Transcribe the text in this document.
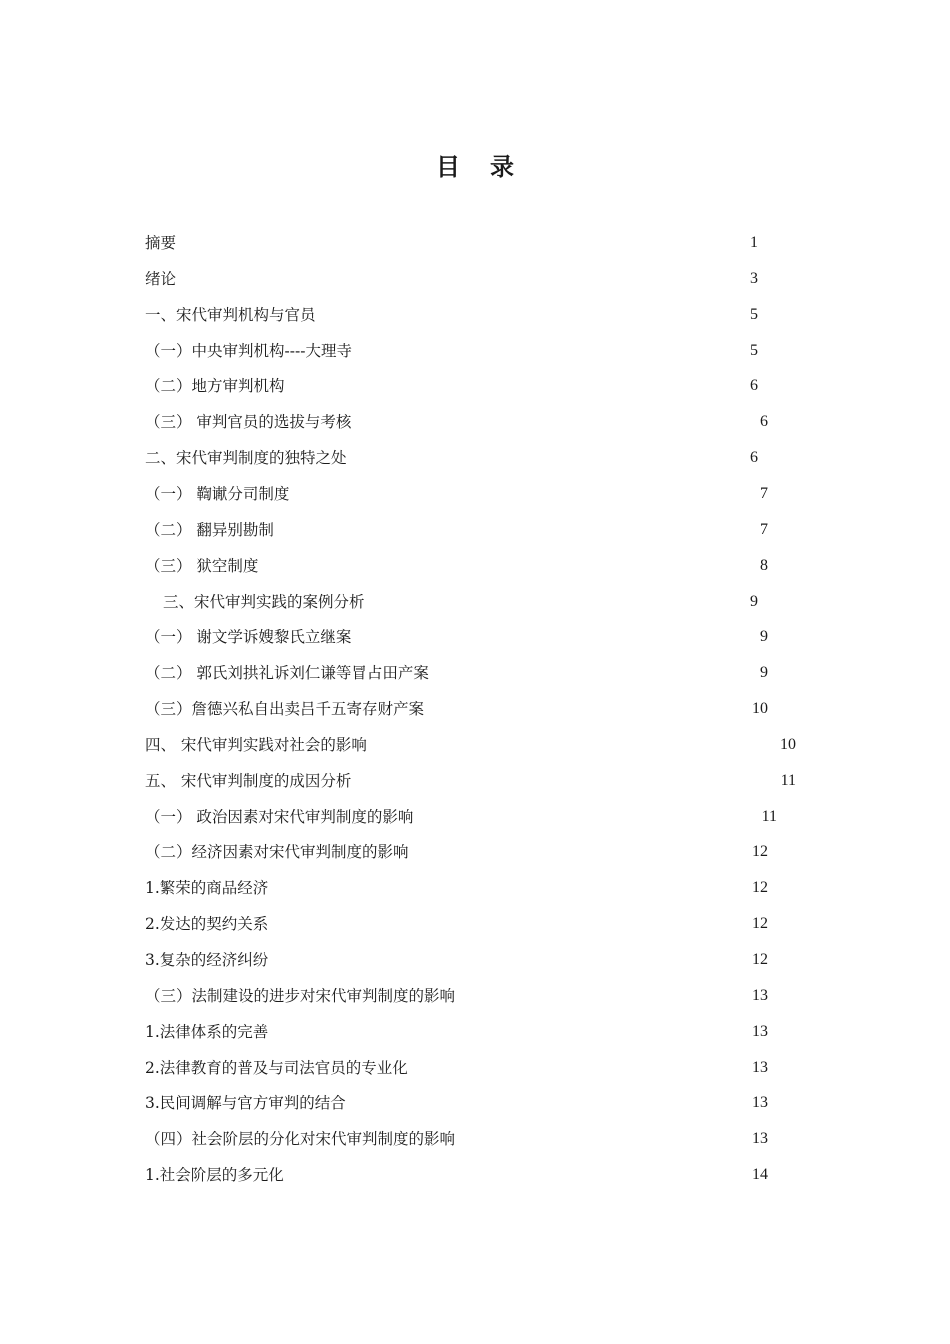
目 录
摘要	1
绪论	3
一、宋代审判机构与官员	5
（一）中央审判机构----大理寺	5
（二）地方审判机构	6
（三） 审判官员的选拔与考核	6
二、宋代审判制度的独特之处	6
（一） 鞫谳分司制度	7
（二） 翻异别勘制	7
（三） 狱空制度	8
三、宋代审判实践的案例分析	9
（一） 谢文学诉嫂黎氏立继案	9
（二） 郭氏刘拱礼诉刘仁谦等冒占田产案	9
（三）詹德兴私自出卖吕千五寄存财产案	10
四、 宋代审判实践对社会的影响	10
五、 宋代审判制度的成因分析	11
（一） 政治因素对宋代审判制度的影响	11
（二）经济因素对宋代审判制度的影响	12
1.繁荣的商品经济	12
2.发达的契约关系	12
3.复杂的经济纠纷	12
（三）法制建设的进步对宋代审判制度的影响	13
1.法律体系的完善	13
2.法律教育的普及与司法官员的专业化	13
3.民间调解与官方审判的结合	13
（四）社会阶层的分化对宋代审判制度的影响	13
1.社会阶层的多元化	14
